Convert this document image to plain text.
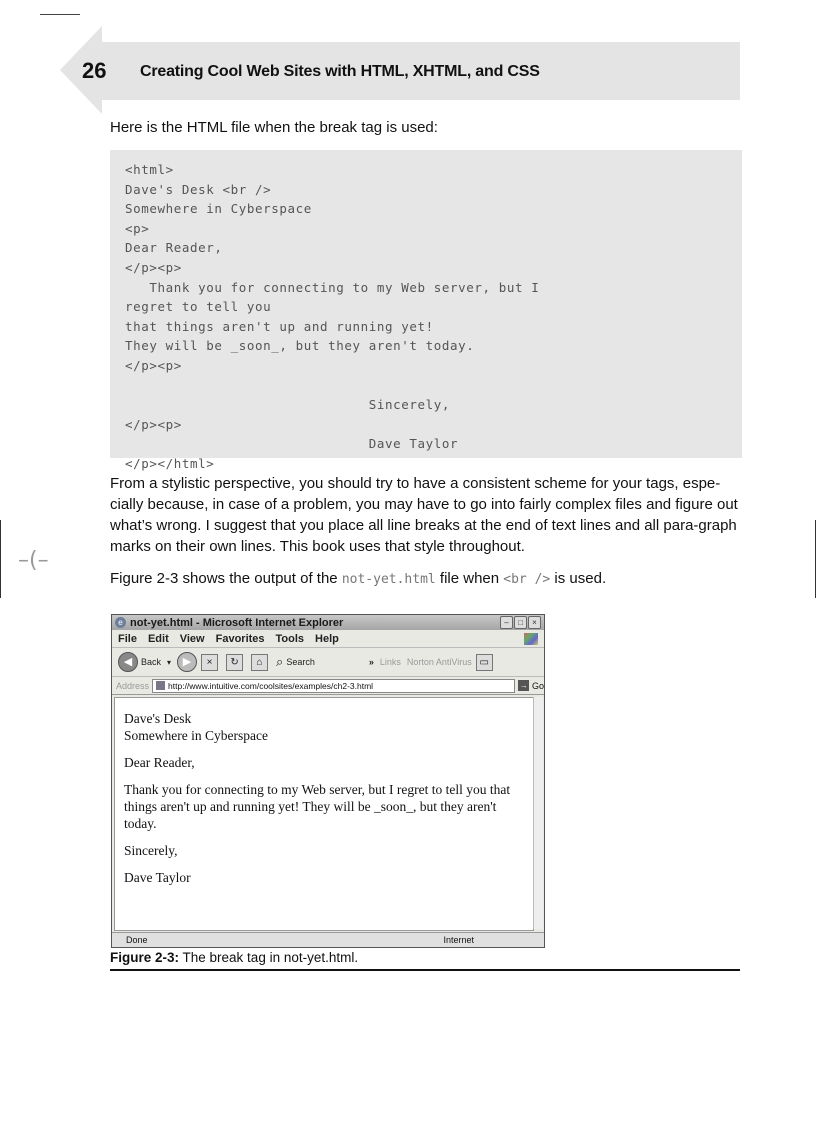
26 Creating Cool Web Sites with HTML, XHTML, and CSS
Here is the HTML file when the break tag is used:
<html>
Dave's Desk <br />
Somewhere in Cyberspace
<p>
Dear Reader,
</p><p>
Thank you for connecting to my Web server, but I
regret to tell you
that things aren't up and running yet!
They will be _soon_, but they aren't today.
</p><p>

Sincerely,
</p><p>
Dave Taylor
</p></html>
From a stylistic perspective, you should try to have a consistent scheme for your tags, espe-cially because, in case of a problem, you may have to go into fairly complex files and figure out what’s wrong. I suggest that you place all line breaks at the end of text lines and all para-graph marks on their own lines. This book uses that style throughout.
–(–
Figure 2-3 shows the output of the not-yet.html file when <br /> is used.
e not-yet.html - Microsoft Internet Explorer	–	□	×
File Edit View Favorites Tools Help
◀ Back ▾	▶	×	↻	⌂	⌕ Search	» Links Norton AntiVirus ▭
Address http://www.intuitive.com/coolsites/examples/ch2-3.html	→ Go

Dave's Desk

Somewhere in Cyberspace

Dear Reader,

Thank you for connecting to my Web server, but I regret to tell you that things aren't up and running yet! They will be _soon_, but they aren't today.

Sincerely,

Dave Taylor

Done	Internet
Figure 2-3: The break tag in not-yet.html.
